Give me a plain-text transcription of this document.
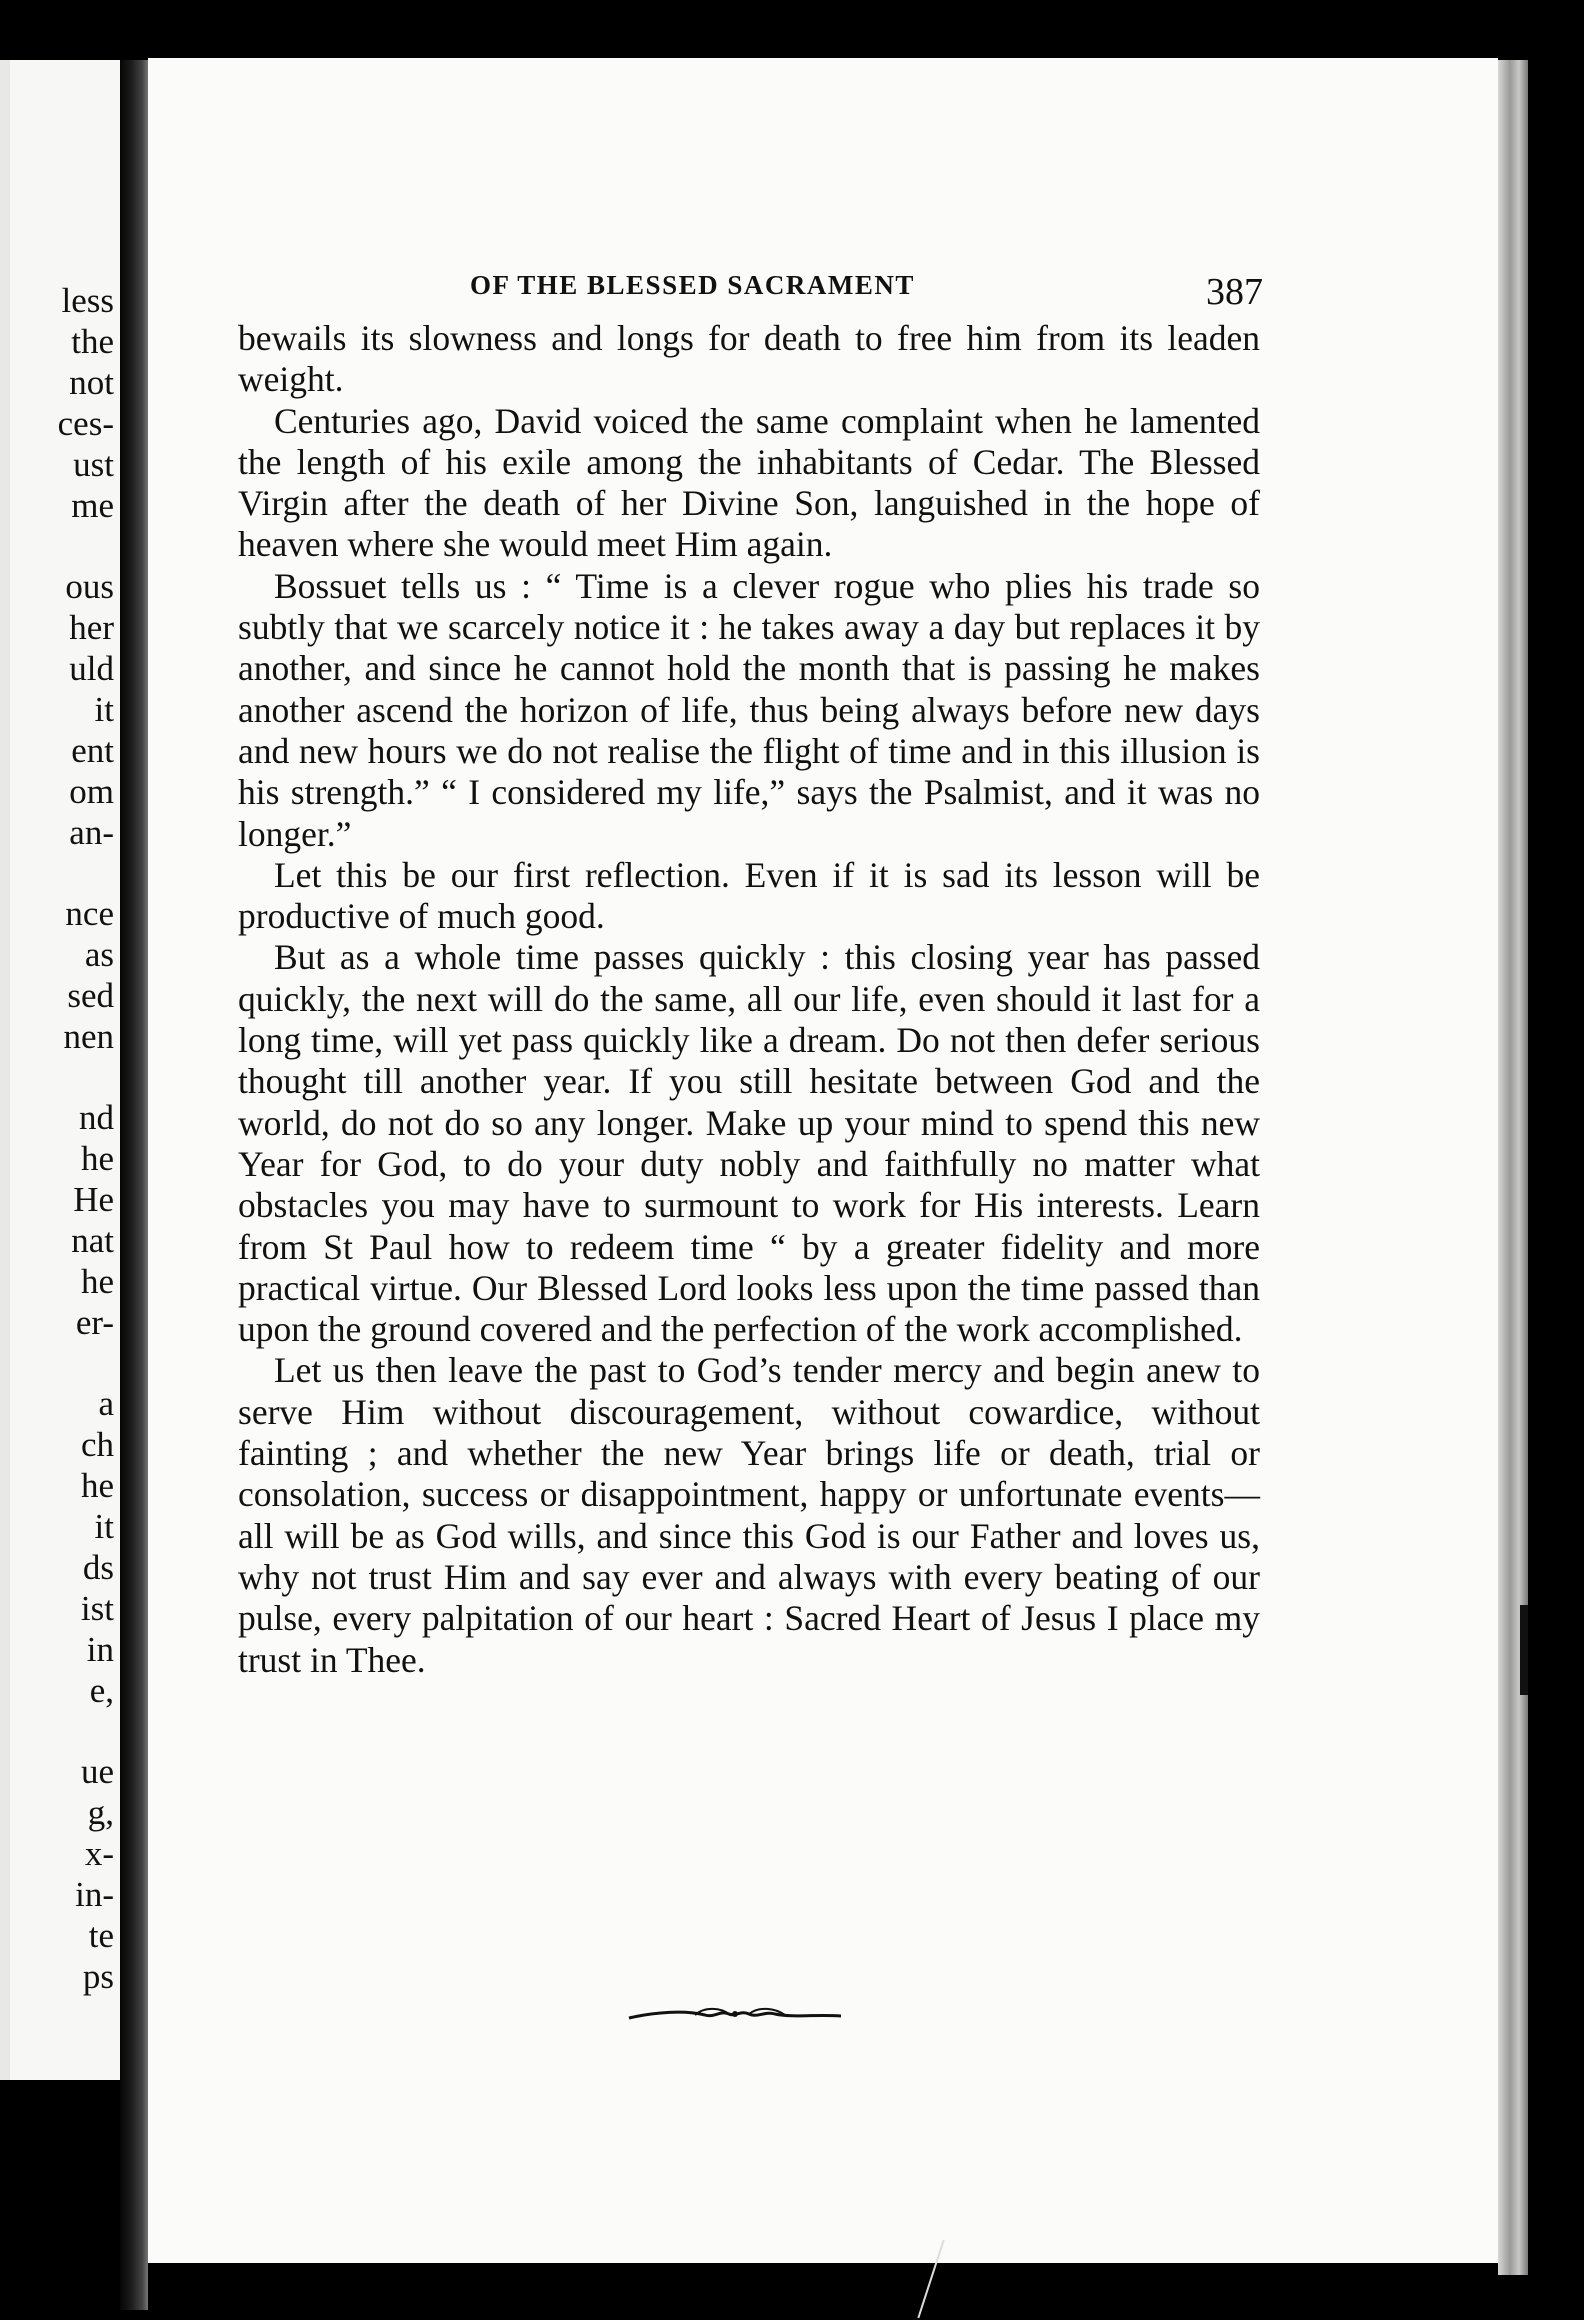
less
the
not
ces-
ust
me
ous
her
uld
it
ent
om
an-
nce
as
sed
nen
nd
he
He
nat
he
er-
a
ch
he
it
ds
ist
in
e,
ue
g,
x-
in-
te
ps
OF THE BLESSED SACRAMENT	387

bewails its slowness and longs for death to free him from its leaden weight.

Centuries ago, David voiced the same complaint when he lamented the length of his exile among the inhabitants of Cedar. The Blessed Virgin after the death of her Divine Son, languished in the hope of heaven where she would meet Him again.

Bossuet tells us : “ Time is a clever rogue who plies his trade so subtly that we scarcely notice it : he takes away a day but replaces it by another, and since he cannot hold the month that is passing he makes another ascend the horizon of life, thus being always before new days and new hours we do not realise the flight of time and in this illusion is his strength.” “ I considered my life,” says the Psalmist, and it was no longer.”

Let this be our first reflection. Even if it is sad its lesson will be productive of much good.

But as a whole time passes quickly : this closing year has passed quickly, the next will do the same, all our life, even should it last for a long time, will yet pass quickly like a dream. Do not then defer serious thought till another year. If you still hesitate between God and the world, do not do so any longer. Make up your mind to spend this new Year for God, to do your duty nobly and faithfully no matter what obstacles you may have to surmount to work for His interests. Learn from St Paul how to redeem time “ by a greater fidelity and more practical virtue. Our Blessed Lord looks less upon the time passed than upon the ground covered and the perfection of the work accomplished.

Let us then leave the past to God’s tender mercy and begin anew to serve Him without discouragement, without cowardice, without fainting ; and whether the new Year brings life or death, trial or consolation, success or disappointment, happy or unfortunate events—all will be as God wills, and since this God is our Father and loves us, why not trust Him and say ever and always with every beating of our pulse, every palpitation of our heart : Sacred Heart of Jesus I place my trust in Thee.
